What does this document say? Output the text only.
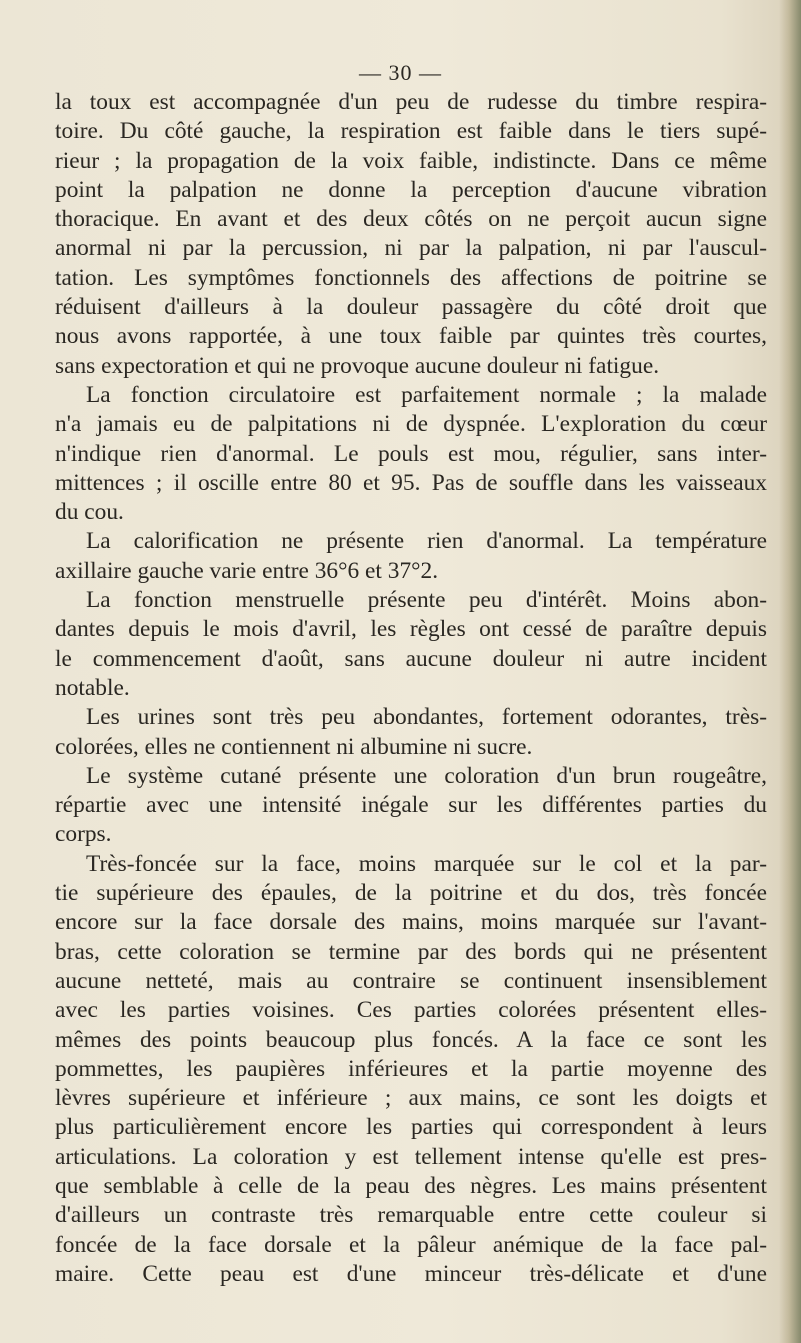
— 30 —
la toux est accompagnée d'un peu de rudesse du timbre respira-
toire. Du côté gauche, la respiration est faible dans le tiers supé-
rieur ; la propagation de la voix faible, indistincte. Dans ce même
point la palpation ne donne la perception d'aucune vibration
thoracique. En avant et des deux côtés on ne perçoit aucun signe
anormal ni par la percussion, ni par la palpation, ni par l'auscul-
tation. Les symptômes fonctionnels des affections de poitrine se
réduisent d'ailleurs à la douleur passagère du côté droit que
nous avons rapportée, à une toux faible par quintes très courtes,
sans expectoration et qui ne provoque aucune douleur ni fatigue.
La fonction circulatoire est parfaitement normale ; la malade
n'a jamais eu de palpitations ni de dyspnée. L'exploration du cœur
n'indique rien d'anormal. Le pouls est mou, régulier, sans inter-
mittences ; il oscille entre 80 et 95. Pas de souffle dans les vaisseaux
du cou.
La calorification ne présente rien d'anormal. La température
axillaire gauche varie entre 36°6 et 37°2.
La fonction menstruelle présente peu d'intérêt. Moins abon-
dantes depuis le mois d'avril, les règles ont cessé de paraître depuis
le commencement d'août, sans aucune douleur ni autre incident
notable.
Les urines sont très peu abondantes, fortement odorantes, très-
colorées, elles ne contiennent ni albumine ni sucre.
Le système cutané présente une coloration d'un brun rougeâtre,
répartie avec une intensité inégale sur les différentes parties du
corps.
Très-foncée sur la face, moins marquée sur le col et la par-
tie supérieure des épaules, de la poitrine et du dos, très foncée
encore sur la face dorsale des mains, moins marquée sur l'avant-
bras, cette coloration se termine par des bords qui ne présentent
aucune netteté, mais au contraire se continuent insensiblement
avec les parties voisines. Ces parties colorées présentent elles-
mêmes des points beaucoup plus foncés. A la face ce sont les
pommettes, les paupières inférieures et la partie moyenne des
lèvres supérieure et inférieure ; aux mains, ce sont les doigts et
plus particulièrement encore les parties qui correspondent à leurs
articulations. La coloration y est tellement intense qu'elle est pres-
que semblable à celle de la peau des nègres. Les mains présentent
d'ailleurs un contraste très remarquable entre cette couleur si
foncée de la face dorsale et la pâleur anémique de la face pal-
maire. Cette peau est d'une minceur très-délicate et d'une
